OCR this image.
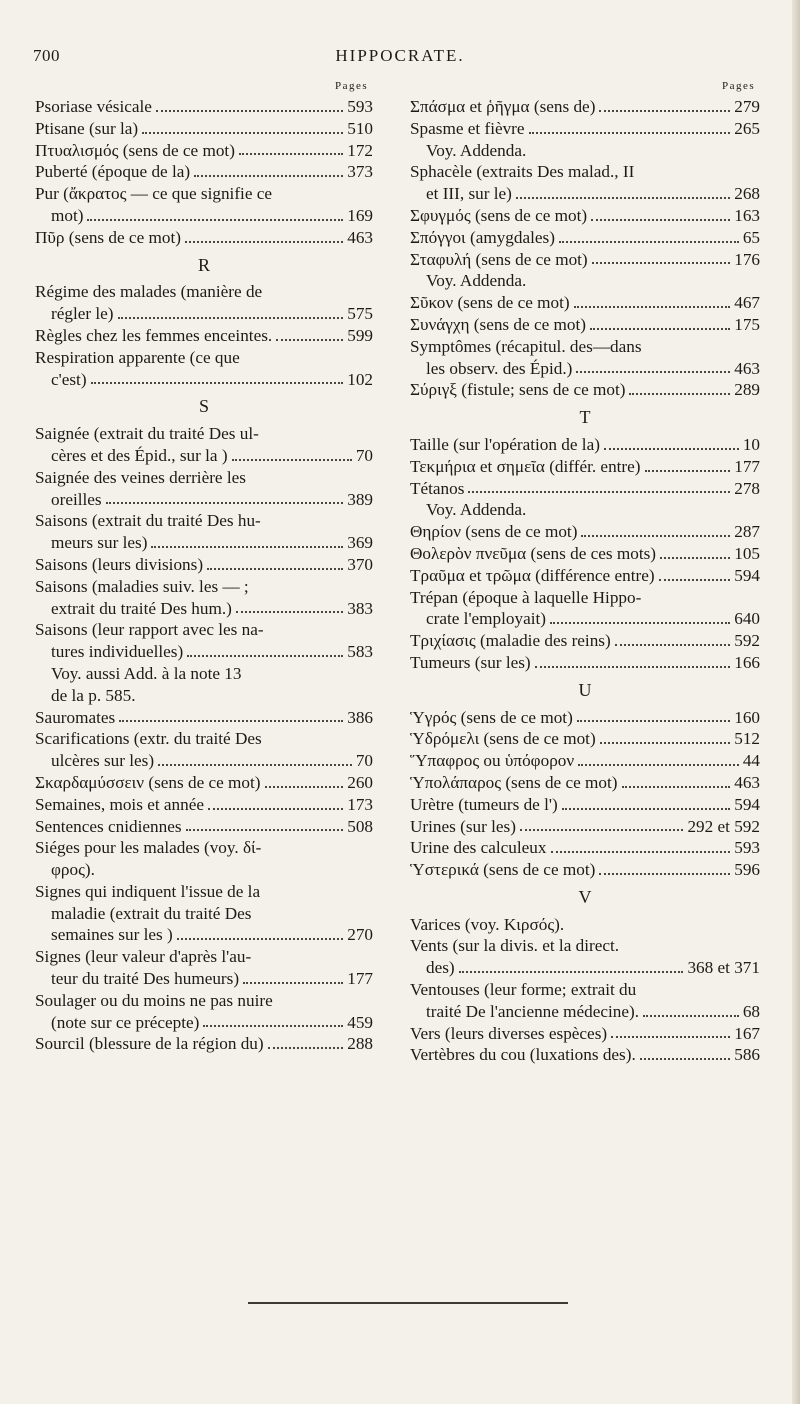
700	HIPPOCRATE.
Pages	Pages
Psoriase vésicale	593
Ptisane (sur la)	510
Πτυαλισμός (sens de ce mot)	172
Puberté (époque de la)	373
Pur (ἄκρατος — ce que signifie ce
mot)	169
Πῦρ (sens de ce mot)	463
R
Régime des malades (manière de
régler le)	575
Règles chez les femmes enceintes.	599
Respiration apparente (ce que
c'est)	102
S
Saignée (extrait du traité Des ul-
cères et des Épid., sur la )	70
Saignée des veines derrière les
oreilles	389
Saisons (extrait du traité Des hu-
meurs sur les)	369
Saisons (leurs divisions)	370
Saisons (maladies suiv. les — ;
extrait du traité Des hum.)	383
Saisons (leur rapport avec les na-
tures individuelles)	583
Voy. aussi Add. à la note 13
de la p. 585.
Sauromates	386
Scarifications (extr. du traité Des
ulcères sur les)	70
Σκαρδαμύσσειν (sens de ce mot)	260
Semaines, mois et année	173
Sentences cnidiennes	508
Siéges pour les malades (voy. δί-
φρος).
Signes qui indiquent l'issue de la
maladie (extrait du traité Des
semaines sur les )	270
Signes (leur valeur d'après l'au-
teur du traité Des humeurs)	177
Soulager ou du moins ne pas nuire
(note sur ce précepte)	459
Sourcil (blessure de la région du)	288
Σπάσμα et ῥῆγμα (sens de)	279
Spasme et fièvre	265
Voy. Addenda.
Sphacèle (extraits Des malad., II
et III, sur le)	268
Σφυγμός (sens de ce mot)	163
Σπόγγοι (amygdales)	65
Σταφυλή (sens de ce mot)	176
Voy. Addenda.
Σῦκον (sens de ce mot)	467
Συνάγχη (sens de ce mot)	175
Symptômes (récapitul. des—dans
les observ. des Épid.)	463
Σύριγξ (fistule; sens de ce mot)	289
T
Taille (sur l'opération de la)	10
Τεκμήρια et σημεῖα (différ. entre)	177
Tétanos	278
Voy. Addenda.
Θηρίον (sens de ce mot)	287
Θολερὸν πνεῦμα (sens de ces mots)	105
Τραῦμα et τρῶμα (différence entre)	594
Trépan (époque à laquelle Hippo-
crate l'employait)	640
Τριχίασις (maladie des reins)	592
Tumeurs (sur les)	166
U
Ὑγρός (sens de ce mot)	160
Ὑδρόμελι (sens de ce mot)	512
Ὕπαφρος ou ὑπόφορον	44
Ὑπολάπαρος (sens de ce mot)	463
Urètre (tumeurs de l')	594
Urines (sur les)	292 et 592
Urine des calculeux	593
Ὑστερικά (sens de ce mot)	596
V
Varices (voy. Κιρσός).
Vents (sur la divis. et la direct.
des)	368 et 371
Ventouses (leur forme; extrait du
traité De l'ancienne médecine).	68
Vers (leurs diverses espèces)	167
Vertèbres du cou (luxations des).	586
